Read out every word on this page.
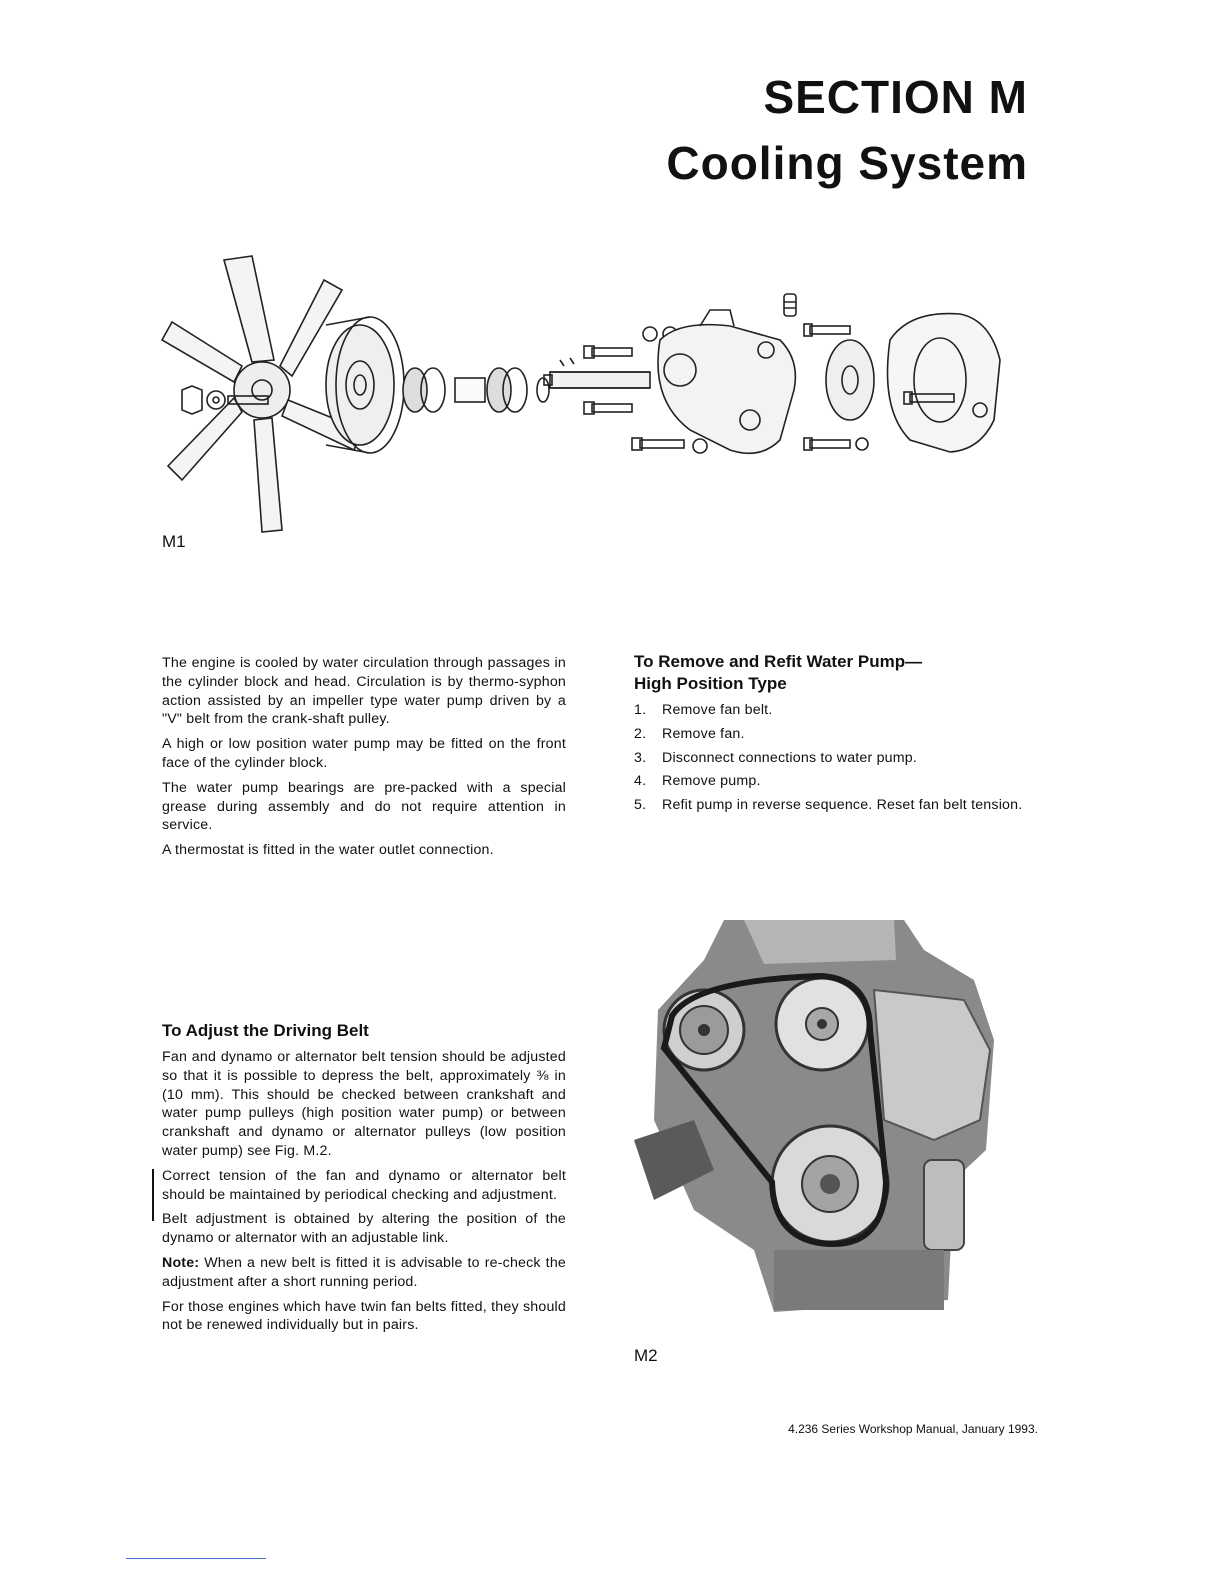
SECTION M
Cooling System
M1

The engine is cooled by water circulation through passages in the cylinder block and head. Circulation is by thermo-syphon action assisted by an impeller type water pump driven by a "V" belt from the crank-shaft pulley.

A high or low position water pump may be fitted on the front face of the cylinder block.

The water pump bearings are pre-packed with a special grease during assembly and do not require attention in service.

A thermostat is fitted in the water outlet connection.

To Remove and Refit Water Pump—
High Position Type
1.	Remove fan belt.
2.	Remove fan.
3.	Disconnect connections to water pump.
4.	Remove pump.
5.	Refit pump in reverse sequence. Reset fan belt tension.
To Adjust the Driving Belt

Fan and dynamo or alternator belt tension should be adjusted so that it is possible to depress the belt, approximately ⅜ in (10 mm). This should be checked between crankshaft and water pump pulleys (high position water pump) or between crankshaft and dynamo or alternator pulleys (low position water pump) see Fig. M.2.

Correct tension of the fan and dynamo or alternator belt should be maintained by periodical checking and adjustment.

Belt adjustment is obtained by altering the position of the dynamo or alternator with an adjustable link.

Note: When a new belt is fitted it is advisable to re-check the adjustment after a short running period.

For those engines which have twin fan belts fitted, they should not be renewed individually but in pairs.

M2
4.236 Series Workshop Manual, January 1993.
